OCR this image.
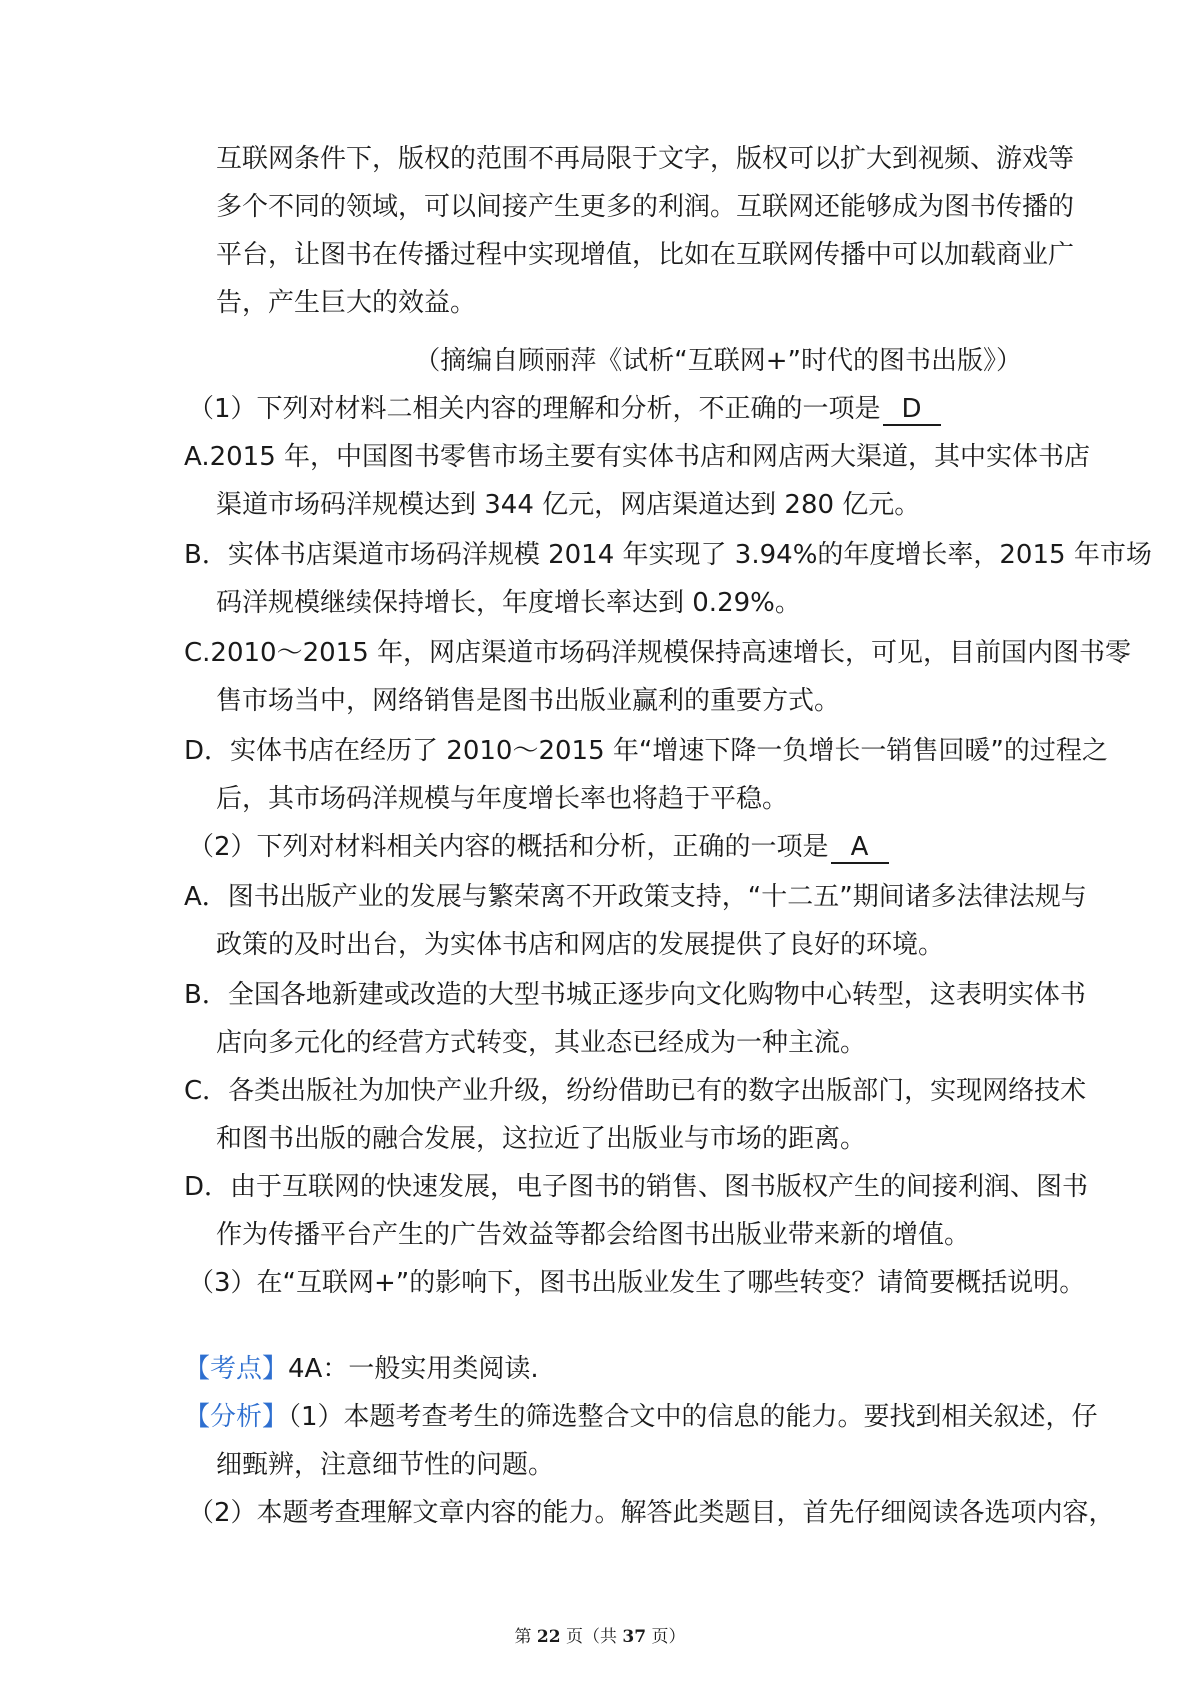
互联网条件下，版权的范围不再局限于文字，版权可以扩大到视频、游戏等
多个不同的领域，可以间接产生更多的利润。互联网还能够成为图书传播的
平台，让图书在传播过程中实现增值，比如在互联网传播中可以加载商业广
告，产生巨大的效益。
（摘编自顾丽萍《试析“互联网+”时代的图书出版》）
（1）下列对材料二相关内容的理解和分析，不正确的一项是 D
A.2015 年，中国图书零售市场主要有实体书店和网店两大渠道，其中实体书店
渠道市场码洋规模达到 344 亿元，网店渠道达到 280 亿元。
B．实体书店渠道市场码洋规模 2014 年实现了 3.94%的年度增长率，2015 年市场
码洋规模继续保持增长，年度增长率达到 0.29%。
C.2010～2015 年，网店渠道市场码洋规模保持高速增长，可见，目前国内图书零
售市场当中，网络销售是图书出版业赢利的重要方式。
D．实体书店在经历了 2010～2015 年“增速下降一负增长一销售回暖”的过程之
后，其市场码洋规模与年度增长率也将趋于平稳。
（2）下列对材料相关内容的概括和分析，正确的一项是 A
A．图书出版产业的发展与繁荣离不开政策支持，“十二五”期间诸多法律法规与
政策的及时出台，为实体书店和网店的发展提供了良好的环境。
B．全国各地新建或改造的大型书城正逐步向文化购物中心转型，这表明实体书
店向多元化的经营方式转变，其业态已经成为一种主流。
C．各类出版社为加快产业升级，纷纷借助已有的数字出版部门，实现网络技术
和图书出版的融合发展，这拉近了出版业与市场的距离。
D．由于互联网的快速发展，电子图书的销售、图书版权产生的间接利润、图书
作为传播平台产生的广告效益等都会给图书出版业带来新的增值。
（3）在“互联网+”的影响下，图书出版业发生了哪些转变？请简要概括说明。
【考点】4A：一般实用类阅读.
【分析】（1）本题考查考生的筛选整合文中的信息的能力。要找到相关叙述，仔
细甄辨，注意细节性的问题。
（2）本题考查理解文章内容的能力。解答此类题目，首先仔细阅读各选项内容，
第 22 页（共 37 页）
